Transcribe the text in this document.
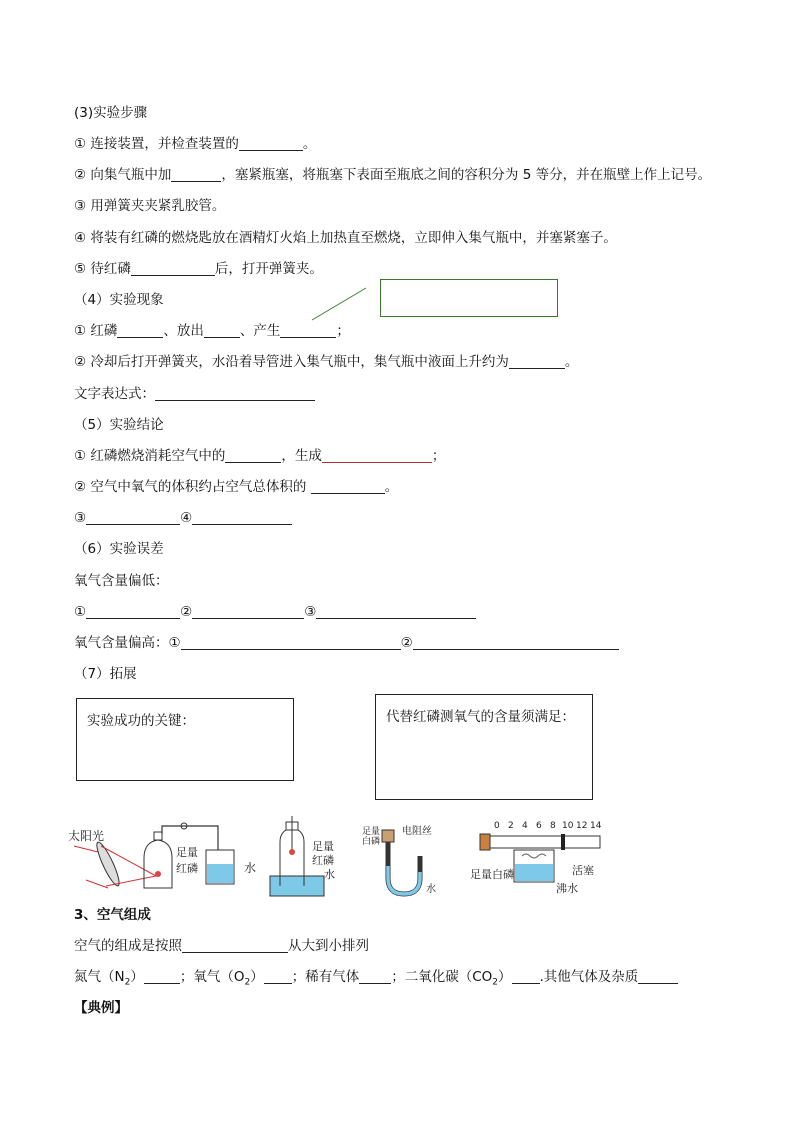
(3)实验步骤
① 连接装置，并检查装置的	。
② 向集气瓶中加	，塞紧瓶塞，将瓶塞下表面至瓶底之间的容积分为 5 等分，并在瓶壁上作上记号。
③ 用弹簧夹夹紧乳胶管。
④ 将装有红磷的燃烧匙放在酒精灯火焰上加热直至燃烧，立即伸入集气瓶中，并塞紧塞子。
⑤ 待红磷	后，打开弹簧夹。
（4）实验现象
① 红磷	、放出	、产生	；
② 冷却后打开弹簧夹，水沿着导管进入集气瓶中，集气瓶中液面上升约为	。
文字表达式：
（5）实验结论
① 红磷燃烧消耗空气中的	，生成	；
② 空气中氧气的体积约占空气总体积的	。
③	④
（6）实验误差
氧气含量偏低：
①	②	③
氧气含量偏高：①	②
（7）拓展
实验成功的关键：	代替红磷测氧气的含量须满足：
太阳光
足量
红磷	水
足量
红磷
水
足量
白磷
电阻丝
水
0 2 4 6 8 10 12 14
足量白磷	活塞
沸水
3、空气组成
空气的组成是按照	从大到小排列
氮气$(N_2)$	；氧气$(O_2)$ ；稀有气体 ；二氧化碳$(CO_2)$ .其他气体及杂质
【典例】
